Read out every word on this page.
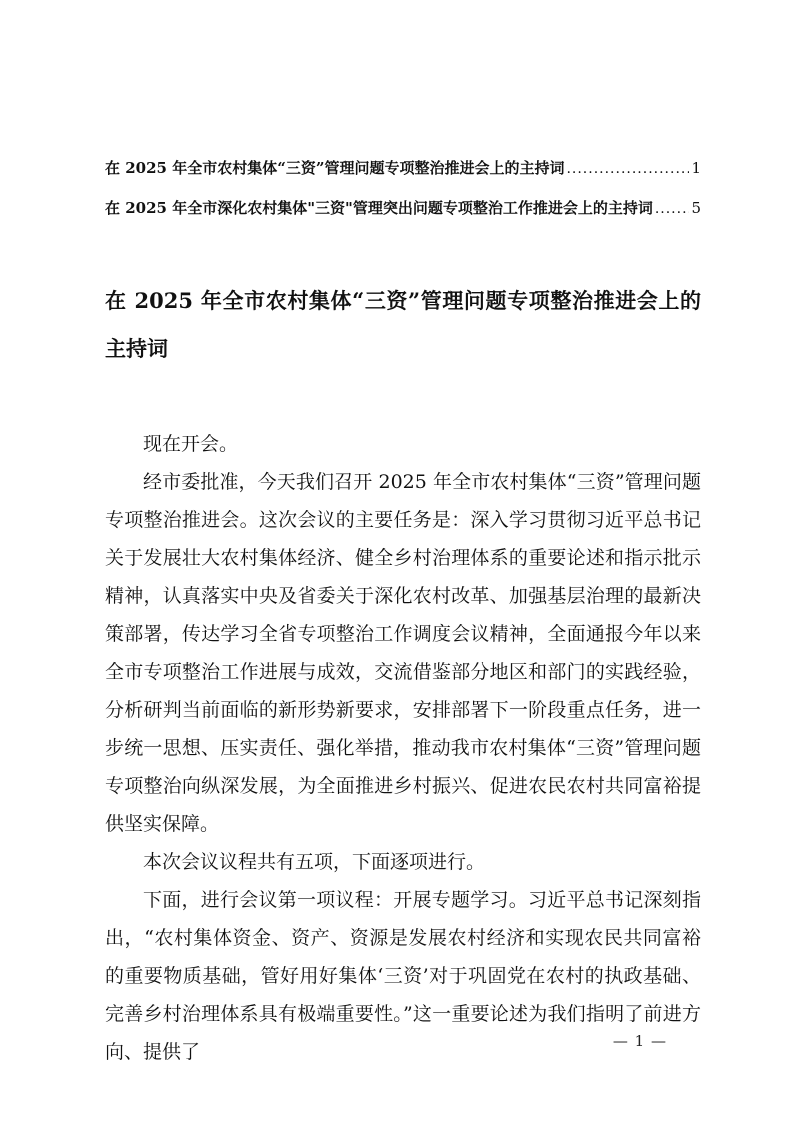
在 2025 年全市农村集体“三资”管理问题专项整治推进会上的主持词 .....	1
在 2025 年全市深化农村集体"三资"管理突出问题专项整治工作推进会上的主持词 .....	5
在 2025 年全市农村集体“三资”管理问题专项整治推进会上的主持词

现在开会。

经市委批准，今天我们召开 2025 年全市农村集体“三资”管理问题专项整治推进会。这次会议的主要任务是：深入学习贯彻习近平总书记关于发展壮大农村集体经济、健全乡村治理体系的重要论述和指示批示精神，认真落实中央及省委关于深化农村改革、加强基层治理的最新决策部署，传达学习全省专项整治工作调度会议精神，全面通报今年以来全市专项整治工作进展与成效，交流借鉴部分地区和部门的实践经验，分析研判当前面临的新形势新要求，安排部署下一阶段重点任务，进一步统一思想、压实责任、强化举措，推动我市农村集体“三资”管理问题专项整治向纵深发展，为全面推进乡村振兴、促进农民农村共同富裕提供坚实保障。

本次会议议程共有五项，下面逐项进行。

下面，进行会议第一项议程：开展专题学习。习近平总书记深刻指出，“农村集体资金、资产、资源是发展农村经济和实现农民共同富裕的重要物质基础，管好用好集体‘三资’对于巩固党在农村的执政基础、完善乡村治理体系具有极端重要性。”这一重要论述为我们指明了前进方向、提供了	— 1 —
